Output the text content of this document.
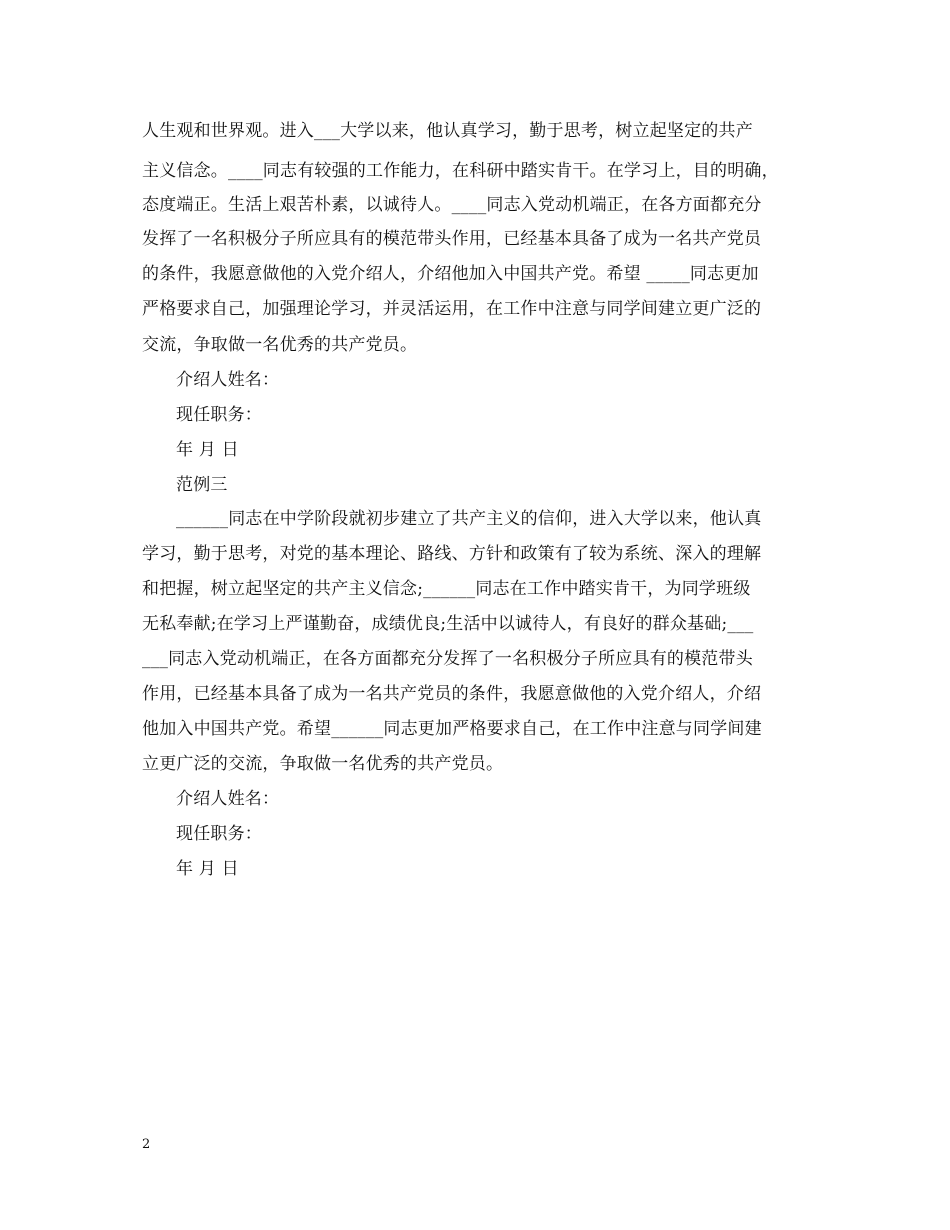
人生观和世界观。进入___大学以来，他认真学习，勤于思考，树立起坚定的共产
主义信念。____同志有较强的工作能力，在科研中踏实肯干。在学习上，目的明确，
态度端正。生活上艰苦朴素，以诚待人。____同志入党动机端正，在各方面都充分
发挥了一名积极分子所应具有的模范带头作用，已经基本具备了成为一名共产党员
的条件，我愿意做他的入党介绍人，介绍他加入中国共产党。希望 _____同志更加
严格要求自己，加强理论学习，并灵活运用，在工作中注意与同学间建立更广泛的
交流，争取做一名优秀的共产党员。
介绍人姓名：
现任职务：
年 月 日
范例三
______同志在中学阶段就初步建立了共产主义的信仰，进入大学以来，他认真
学习，勤于思考，对党的基本理论、路线、方针和政策有了较为系统、深入的理解
和把握，树立起坚定的共产主义信念;______同志在工作中踏实肯干，为同学班级
无私奉献;在学习上严谨勤奋，成绩优良;生活中以诚待人，有良好的群众基础;___
___同志入党动机端正，在各方面都充分发挥了一名积极分子所应具有的模范带头
作用，已经基本具备了成为一名共产党员的条件，我愿意做他的入党介绍人，介绍
他加入中国共产党。希望______同志更加严格要求自己，在工作中注意与同学间建
立更广泛的交流，争取做一名优秀的共产党员。
介绍人姓名：
现任职务：
年 月 日
2
